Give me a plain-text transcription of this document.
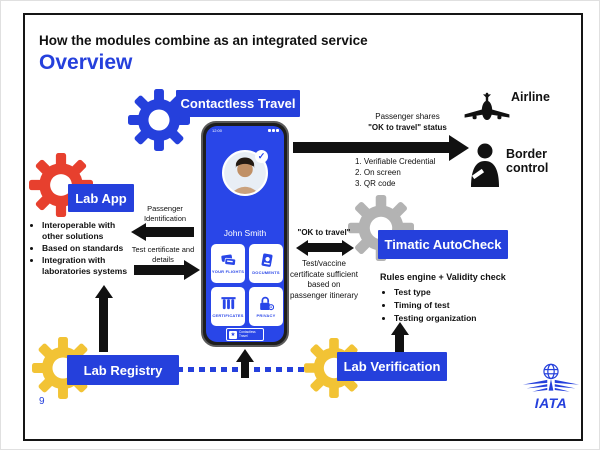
How the modules combine as an integrated service
Overview
Contactless Travel
12:00
✓
John Smith
YOUR FLIGHTS DOCUMENTS
CERTIFICATES	PRIVACY
★	Contactless
Travel
Passenger shares
"OK to travel" status
1. Verifiable Credential
2. On screen
3. QR code
Airline
Border control
Lab App
• Interoperable with other solutions
• Based on standards
• Integration with laboratories systems
Passenger Identification
Test certificate and details
"OK to travel"
Test/vaccine certificate sufficient based on passenger itinerary
Timatic AutoCheck
Rules engine + Validity check
• Test type
• Timing of test
• Testing organization
Lab Registry	Lab Verification
9	IATA
